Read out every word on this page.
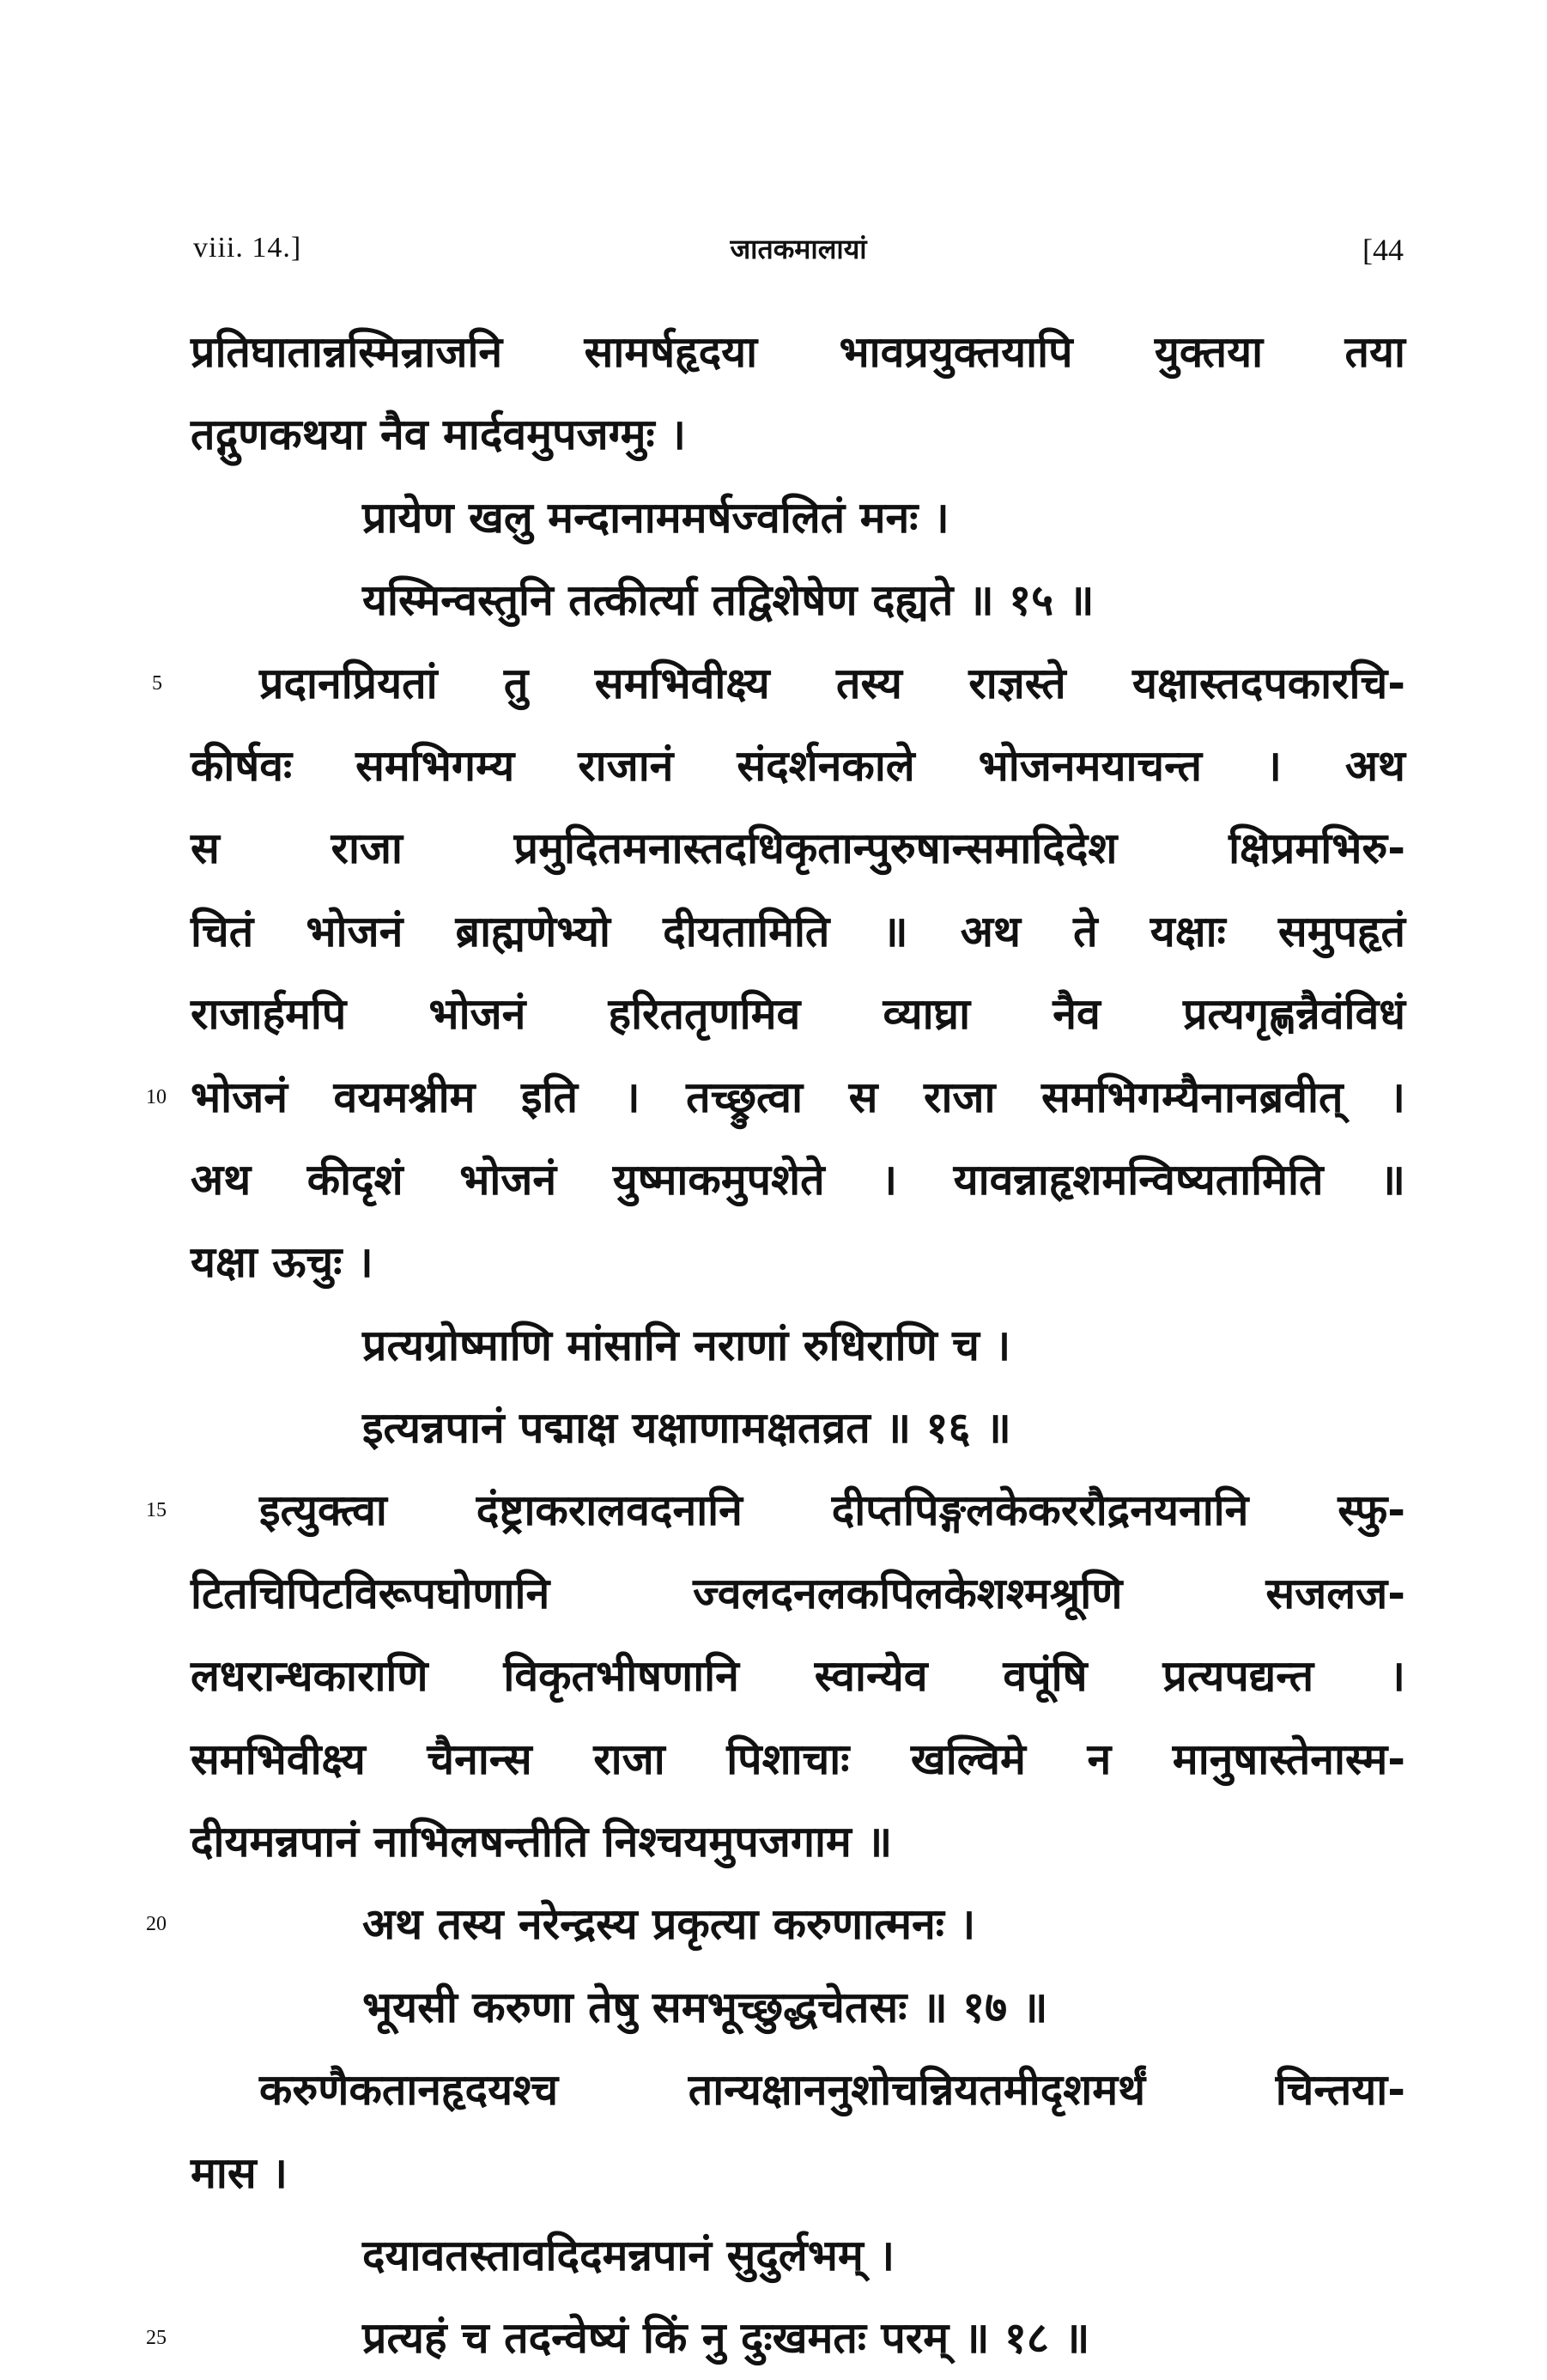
viii. 14.]	जातकमालायां	[44
प्रतिघातान्नस्मिन्राजनि सामर्षहृदया भावप्रयुक्तयापि युक्तया तया
तद्गुणकथया नैव मार्दवमुपजग्मुः ।
प्रायेण खलु मन्दानाममर्षज्वलितं मनः ।
यस्मिन्वस्तुनि तत्कीर्त्या तद्विशेषेण दह्यते ॥ १५ ॥
5 प्रदानप्रियतां तु समभिवीक्ष्य तस्य राज्ञस्ते यक्षास्तदपकारचि-
कीर्षवः समभिगम्य राजानं संदर्शनकाले भोजनमयाचन्त । अथ
स राजा प्रमुदितमनास्तदधिकृतान्पुरुषान्समादिदेश क्षिप्रमभिरु-
चितं भोजनं ब्राह्मणेभ्यो दीयतामिति ॥ अथ ते यक्षाः समुपहृतं
राजार्हमपि भोजनं हरिततृणमिव व्याघ्रा नैव प्रत्यगृह्णन्नैवंविधं
10 भोजनं वयमश्नीम इति । तच्छ्रुत्वा स राजा समभिगम्यैनानब्रवीत् ।
अथ कीदृशं भोजनं युष्माकमुपशेते । यावन्नाहृशमन्विष्यतामिति ॥
यक्षा ऊचुः ।
प्रत्यग्रोष्माणि मांसानि नराणां रुधिराणि च ।
इत्यन्नपानं पद्माक्ष यक्षाणामक्षतव्रत ॥ १६ ॥
15 इत्युक्त्वा दंष्ट्राकरालवदनानि दीप्तपिङ्गलकेकररौद्रनयनानि स्फु-
टितचिपिटविरूपघोणानि ज्वलदनलकपिलकेशश्मश्रूणि सजलज-
लधरान्धकाराणि विकृतभीषणानि स्वान्येव वपूंषि प्रत्यपद्यन्त ।
समभिवीक्ष्य चैनान्स राजा पिशाचाः खल्विमे न मानुषास्तेनास्म-
दीयमन्नपानं नाभिलषन्तीति निश्चयमुपजगाम ॥
20	अथ तस्य नरेन्द्रस्य प्रकृत्या करुणात्मनः ।
भूयसी करुणा तेषु समभूच्छुद्धचेतसः ॥ १७ ॥
करुणैकतानहृदयश्च तान्यक्षाननुशोचन्नियतमीदृशमर्थं चिन्तया-
मास ।
दयावतस्तावदिदमन्नपानं सुदुर्लभम् ।
25	प्रत्यहं च तदन्वेष्यं किं नु दुःखमतः परम् ॥ १८ ॥
